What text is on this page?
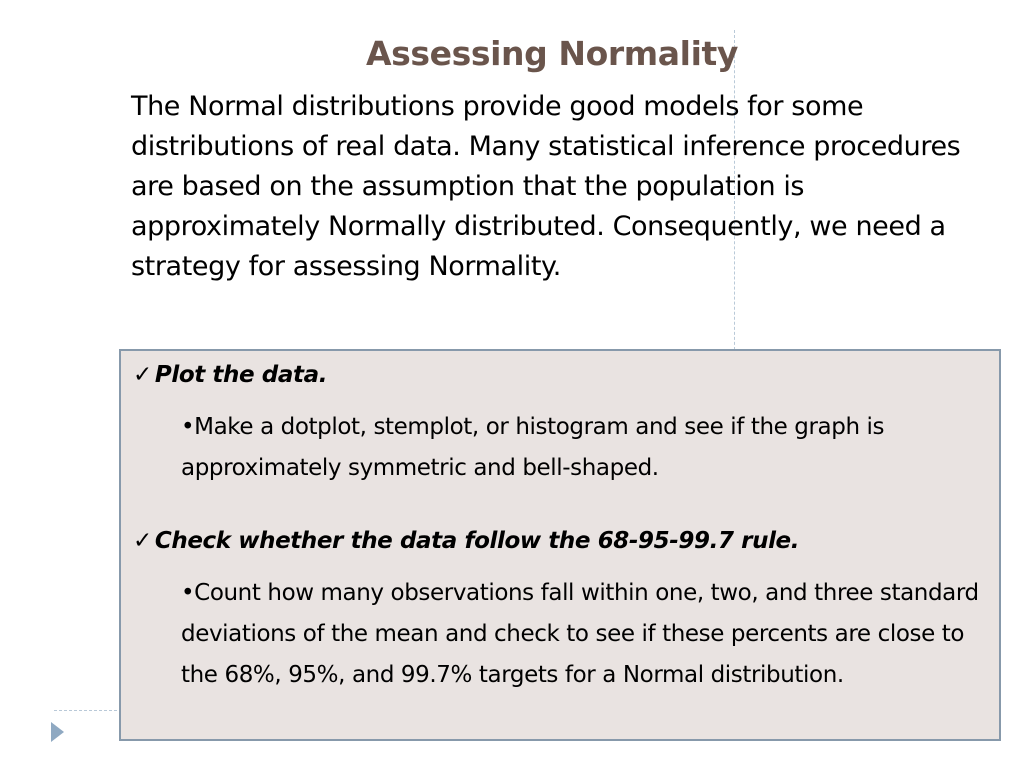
Assessing Normality

The Normal distributions provide good models for some distributions of real data. Many statistical inference procedures are based on the assumption that the population is approximately Normally distributed. Consequently, we need a strategy for assessing Normality.

✓ Plot the data.

•Make a dotplot, stemplot, or histogram and see if the graph is approximately symmetric and bell-shaped.

✓ Check whether the data follow the 68-95-99.7 rule.

•Count how many observations fall within one, two, and three standard deviations of the mean and check to see if these percents are close to the 68%, 95%, and 99.7% targets for a Normal distribution.
